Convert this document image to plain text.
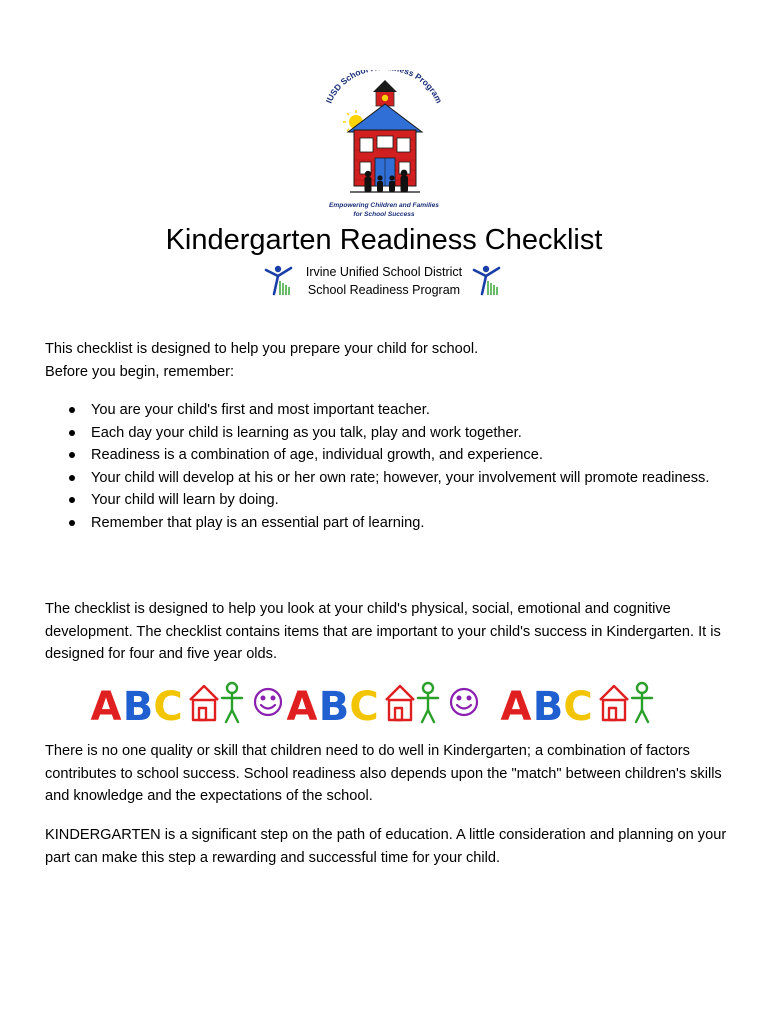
IUSD Schoo ss Program
Empowering Children and Families
for School Success
Kindergarten Readiness Checklist
Irvine Unified School District
School Readiness Program
This checklist is designed to help you prepare your child for school.
Before you begin, remember:
You are your child's first and most important teacher.
Each day your child is learning as you talk, play and work together.
Readiness is a combination of age, individual growth, and experience.
Your child will develop at his or her own rate; however, your involvement will promote readiness.
Your child will learn by doing.
Remember that play is an essential part of learning.
The checklist is designed to help you look at your child's physical, social, emotional and cognitive development. The checklist contains items that are important to your child's success in Kindergarten. It is designed for four and five year olds.
A B C	A B C	A B C
There is no one quality or skill that children need to do well in Kindergarten; a combination of factors contributes to school success. School readiness also depends upon the "match" between children's skills and knowledge and the expectations of the school.
KINDERGARTEN is a significant step on the path of education. A little consideration and planning on your part can make this step a rewarding and successful time for your child.
